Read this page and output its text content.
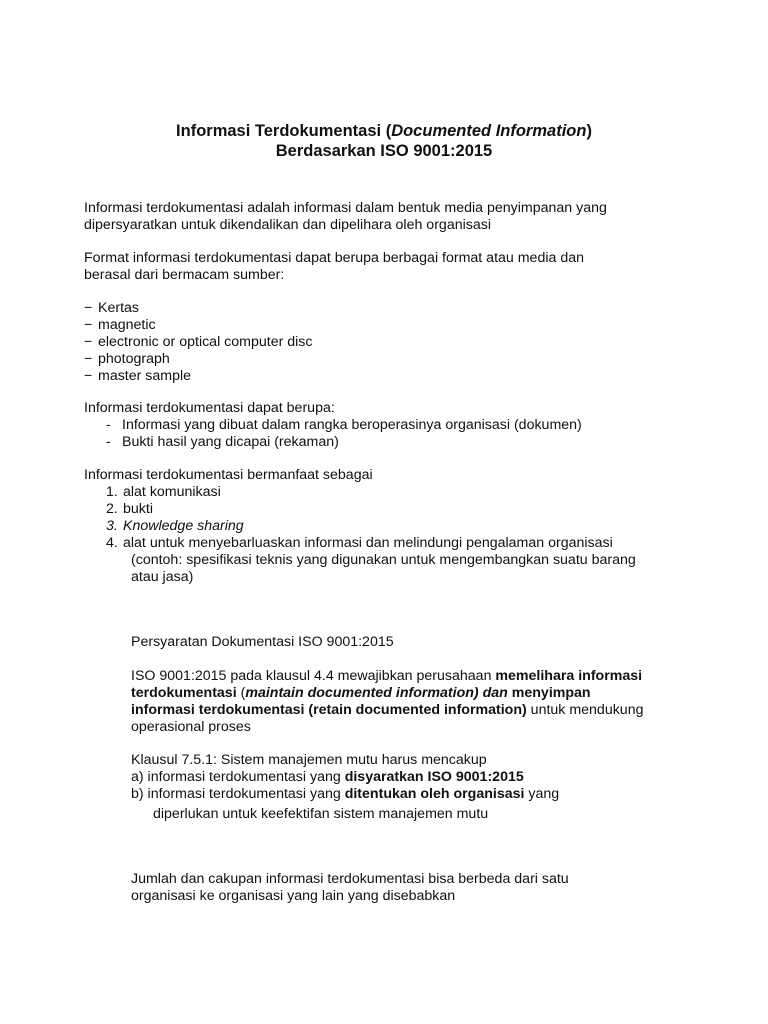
Informasi Terdokumentasi (Documented Information)
Berdasarkan ISO 9001:2015
Informasi terdokumentasi adalah informasi dalam bentuk media penyimpanan yang
dipersyaratkan untuk dikendalikan dan dipelihara oleh organisasi
Format informasi terdokumentasi dapat berupa berbagai format atau media dan
berasal dari bermacam sumber:
− Kertas
− magnetic
− electronic or optical computer disc
− photograph
− master sample
Informasi terdokumentasi dapat berupa:
- Informasi yang dibuat dalam rangka beroperasinya organisasi (dokumen)
- Bukti hasil yang dicapai (rekaman)
Informasi terdokumentasi bermanfaat sebagai
1. alat komunikasi
2. bukti
3. Knowledge sharing
4. alat untuk menyebarluaskan informasi dan melindungi pengalaman organisasi
(contoh: spesifikasi teknis yang digunakan untuk mengembangkan suatu barang
atau jasa)
Persyaratan Dokumentasi ISO 9001:2015
ISO 9001:2015 pada klausul 4.4 mewajibkan perusahaan memelihara informasi
terdokumentasi (maintain documented information) dan menyimpan
informasi terdokumentasi (retain documented information) untuk mendukung
operasional proses
Klausul 7.5.1: Sistem manajemen mutu harus mencakup
a) informasi terdokumentasi yang disyaratkan ISO 9001:2015
b) informasi terdokumentasi yang ditentukan oleh organisasi yang
diperlukan untuk keefektifan sistem manajemen mutu
Jumlah dan cakupan informasi terdokumentasi bisa berbeda dari satu
organisasi ke organisasi yang lain yang disebabkan
